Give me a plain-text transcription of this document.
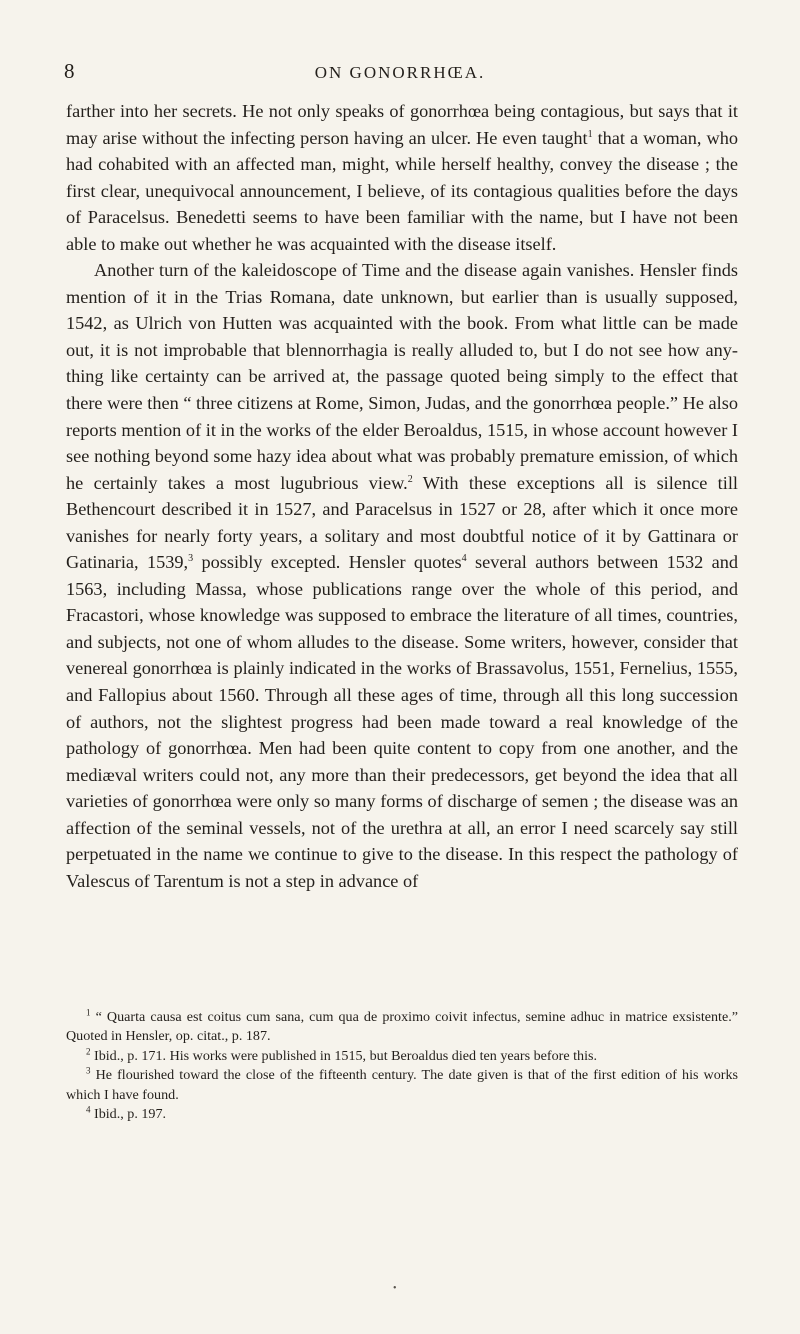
8	ON GONORRHŒA.

farther into her secrets. He not only speaks of gonorrhœa being contagious, but says that it may arise without the infecting person having an ulcer. He even taught$^1$ that a woman, who had cohabited with an affected man, might, while herself healthy, convey the disease ; the first clear, unequivocal announcement, I believe, of its contagious qualities before the days of Paracelsus. Benedetti seems to have been familiar with the name, but I have not been able to make out whether he was acquainted with the disease itself.

Another turn of the kaleidoscope of Time and the disease again vanishes. Hensler finds mention of it in the Trias Romana, date unknown, but earlier than is usually supposed, 1542, as Ulrich von Hutten was acquainted with the book. From what little can be made out, it is not improbable that blennorrhagia is really alluded to, but I do not see how anything like certainty can be arrived at, the passage quoted being simply to the effect that there were then “ three citizens at Rome, Simon, Judas, and the gonorrhœa people.” He also reports mention of it in the works of the elder Beroaldus, 1515, in whose account however I see nothing beyond some hazy idea about what was probably premature emission, of which he certainly takes a most lugubrious view.$^2$ With these exceptions all is silence till Bethencourt described it in 1527, and Paracelsus in 1527 or 28, after which it once more vanishes for nearly forty years, a solitary and most doubtful notice of it by Gattinara or Gatinaria, 1539,$^3$ possibly excepted. Hensler quotes$^4$ several authors between 1532 and 1563, including Massa, whose publications range over the whole of this period, and Fracastori, whose knowledge was supposed to embrace the literature of all times, countries, and subjects, not one of whom alludes to the disease. Some writers, however, consider that venereal gonorrhœa is plainly indicated in the works of Brassavolus, 1551, Fernelius, 1555, and Fallopius about 1560. Through all these ages of time, through all this long succession of authors, not the slightest progress had been made toward a real knowledge of the pathology of gonorrhœa. Men had been quite content to copy from one another, and the mediæval writers could not, any more than their predecessors, get beyond the idea that all varieties of gonorrhœa were only so many forms of discharge of semen ; the disease was an affection of the seminal vessels, not of the urethra at all, an error I need scarcely say still perpetuated in the name we continue to give to the disease. In this respect the pathology of Valescus of Tarentum is not a step in advance of

$^1$ “ Quarta causa est coitus cum sana, cum qua de proximo coivit infectus, semine adhuc in matrice exsistente.” Quoted in Hensler, op. citat., p. 187.

$^2$ Ibid., p. 171. His works were published in 1515, but Beroaldus died ten years before this.

$^3$ He flourished toward the close of the fifteenth century. The date given is that of the first edition of his works which I have found.

$^4$ Ibid., p. 197.

•
